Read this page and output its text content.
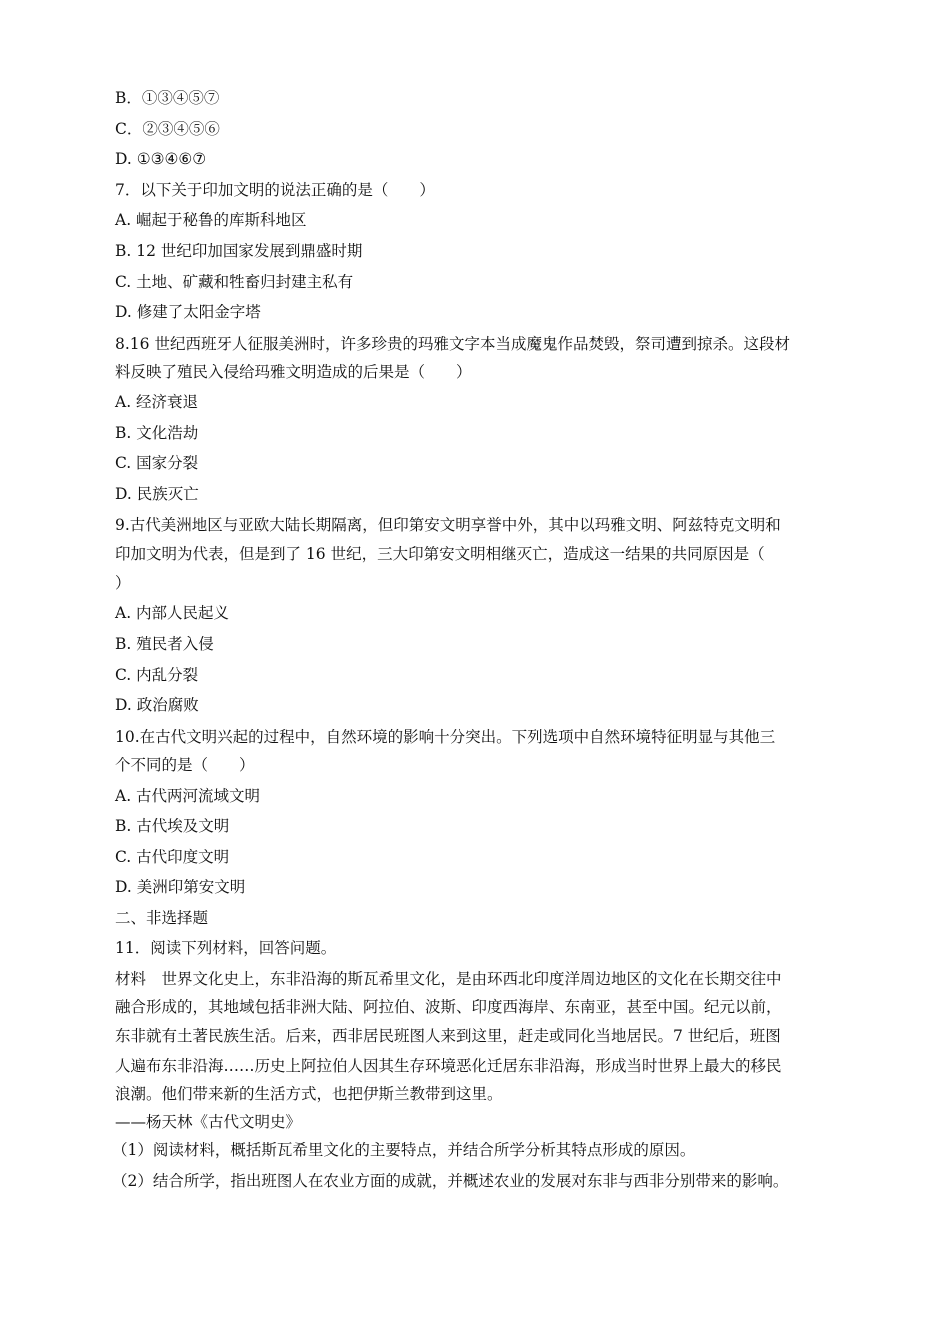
B．①③④⑤⑦
C．②③④⑤⑥
D. ①③④⑥⑦
7．以下关于印加文明的说法正确的是（　　）
A. 崛起于秘鲁的库斯科地区
B. 12 世纪印加国家发展到鼎盛时期
C. 土地、矿藏和牲畜归封建主私有
D. 修建了太阳金字塔
8.16 世纪西班牙人征服美洲时，许多珍贵的玛雅文字本当成魔鬼作品焚毁，祭司遭到掠杀。这段材
料反映了殖民入侵给玛雅文明造成的后果是（　　）
A. 经济衰退
B. 文化浩劫
C. 国家分裂
D. 民族灭亡
9.古代美洲地区与亚欧大陆长期隔离，但印第安文明享誉中外，其中以玛雅文明、阿兹特克文明和
印加文明为代表，但是到了 16 世纪，三大印第安文明相继灭亡，造成这一结果的共同原因是（
）
A. 内部人民起义
B. 殖民者入侵
C. 内乱分裂
D. 政治腐败
10.在古代文明兴起的过程中，自然环境的影响十分突出。下列选项中自然环境特征明显与其他三
个不同的是（　　）
A. 古代两河流域文明
B. 古代埃及文明
C. 古代印度文明
D. 美洲印第安文明
二、非选择题
11．阅读下列材料，回答问题。
材料　世界文化史上，东非沿海的斯瓦希里文化，是由环西北印度洋周边地区的文化在长期交往中
融合形成的，其地域包括非洲大陆、阿拉伯、波斯、印度西海岸、东南亚，甚至中国。纪元以前，
东非就有土著民族生活。后来，西非居民班图人来到这里，赶走或同化当地居民。7 世纪后，班图
人遍布东非沿海……历史上阿拉伯人因其生存环境恶化迁居东非沿海，形成当时世界上最大的移民
浪潮。他们带来新的生活方式，也把伊斯兰教带到这里。
——杨天林《古代文明史》
（1）阅读材料，概括斯瓦希里文化的主要特点，并结合所学分析其特点形成的原因。
（2）结合所学，指出班图人在农业方面的成就，并概述农业的发展对东非与西非分别带来的影响。
